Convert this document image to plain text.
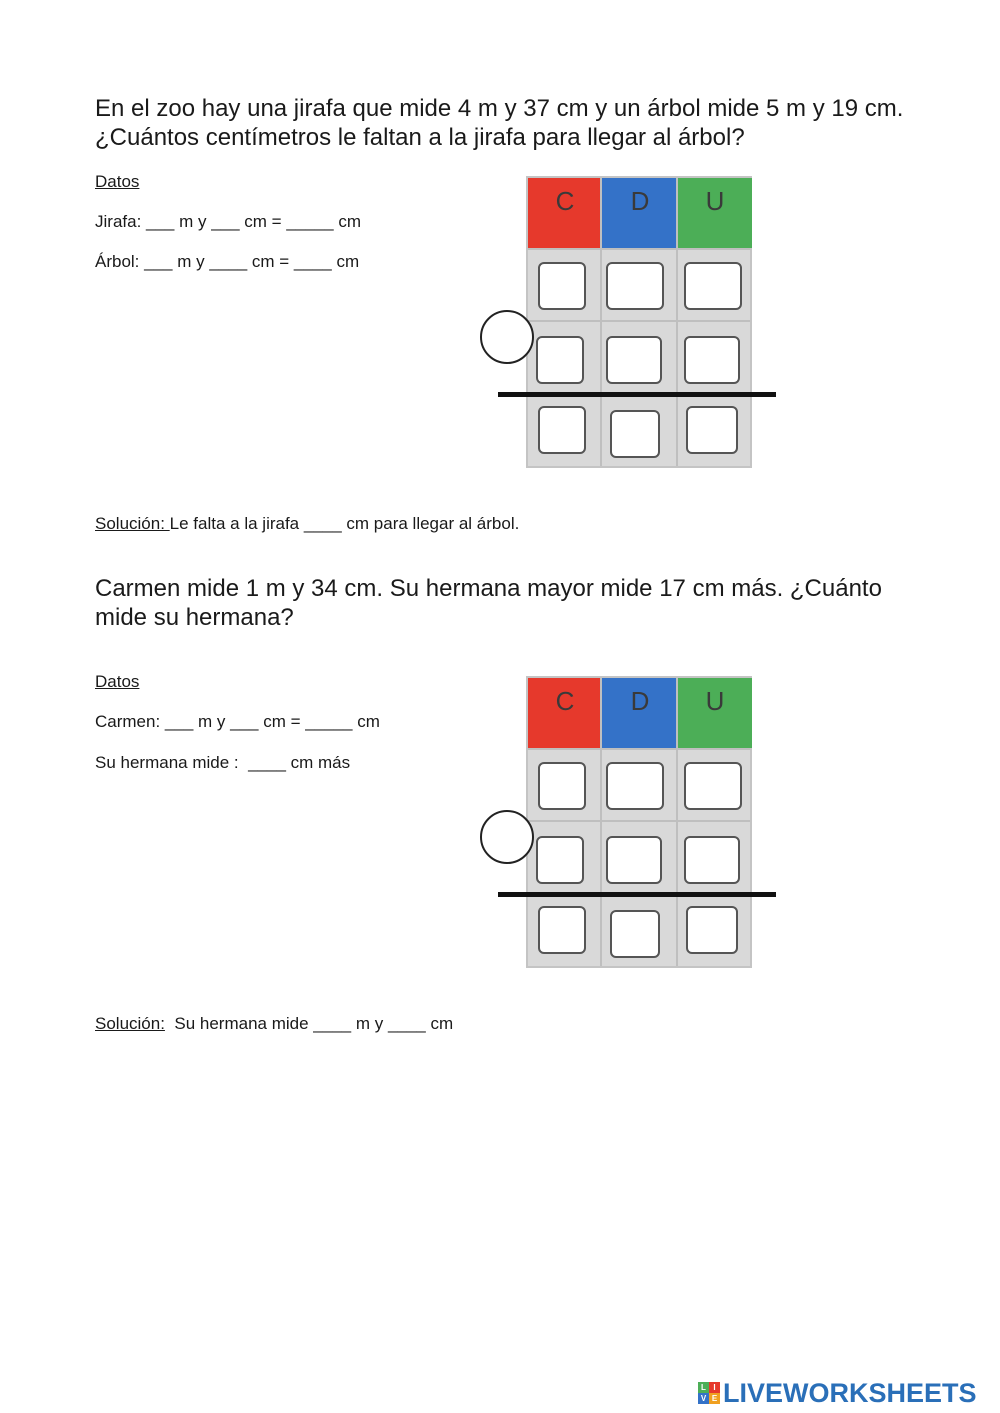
En el zoo hay una jirafa que mide 4 m y 37 cm y un árbol mide 5 m y 19 cm. ¿Cuántos centímetros le faltan a la jirafa para llegar al árbol?
Datos
Jirafa: ___ m y ___ cm = _____ cm
Árbol: ___ m y ____ cm = ____ cm
C	D	U
Solución: Le falta a la jirafa ____ cm para llegar al árbol.
Carmen mide 1 m y 34 cm. Su hermana mayor mide 17 cm más. ¿Cuánto mide su hermana?
Datos
Carmen: ___ m y ___ cm = _____ cm
Su hermana mide :  ____ cm más
C	D	U
Solución:  Su hermana mide ____ m y ____ cm
L I
V E LIVEWORKSHEETS
